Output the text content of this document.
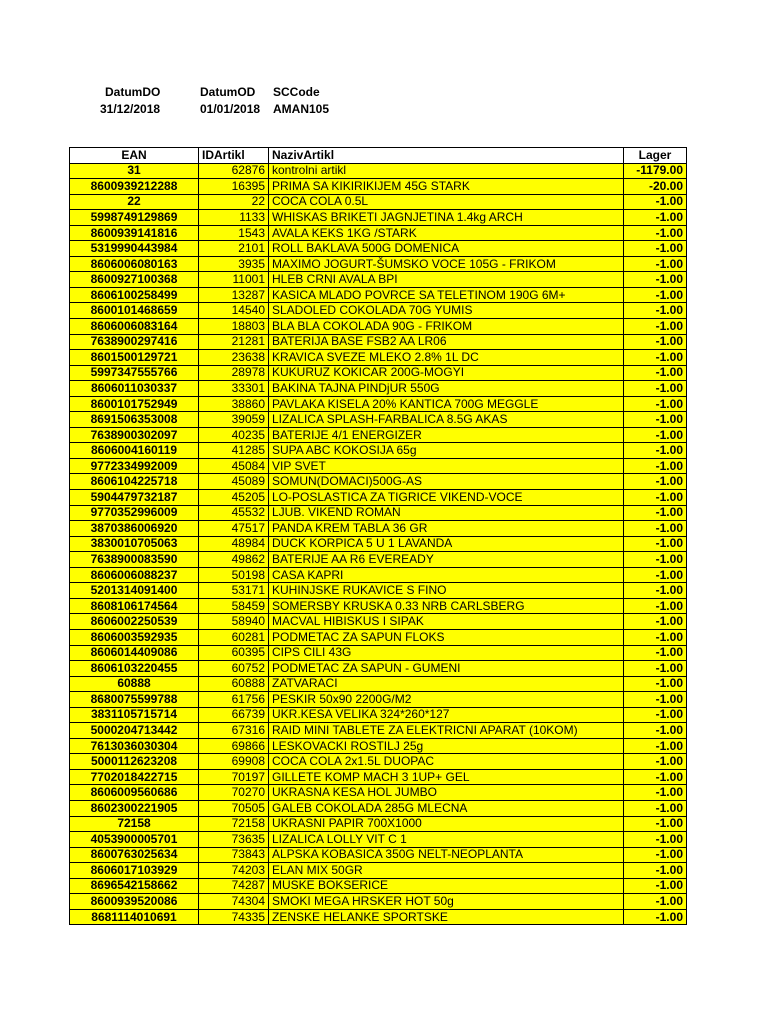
DatumDO	DatumOD SCCode
31/12/2018	01/01/2018 AMAN105
EAN	IDArtikl	NazivArtikl	Lager
31	62876	kontrolni artikl	-1179.00
8600939212288	16395	PRIMA SA KIKIRIKIJEM 45G STARK	-20.00
22	22	COCA COLA 0.5L	-1.00
5998749129869	1133	WHISKAS BRIKETI JAGNJETINA 1.4kg ARCH	-1.00
8600939141816	1543	AVALA KEKS 1KG /STARK	-1.00
5319990443984	2101	ROLL BAKLAVA 500G DOMENICA	-1.00
8606006080163	3935	MAXIMO JOGURT-ŠUMSKO VOCE 105G - FRIKOM	-1.00
8600927100368	11001	HLEB CRNI AVALA BPI	-1.00
8606100258499	13287	KASICA MLADO POVRCE SA TELETINOM 190G 6M+	-1.00
8600101468659	14540	SLADOLED COKOLADA 70G YUMIS	-1.00
8606006083164	18803	BLA BLA COKOLADA 90G - FRIKOM	-1.00
7638900297416	21281	BATERIJA BASE FSB2 AA LR06	-1.00
8601500129721	23638	KRAVICA SVEZE MLEKO 2.8% 1L DC	-1.00
5997347555766	28978	KUKURUZ KOKICAR 200G-MOGYI	-1.00
8606011030337	33301	BAKINA TAJNA PINDjUR 550G	-1.00
8600101752949	38860	PAVLAKA KISELA 20% KANTICA 700G MEGGLE	-1.00
8691506353008	39059	LIZALICA SPLASH-FARBALICA 8.5G AKAS	-1.00
7638900302097	40235	BATERIJE 4/1 ENERGIZER	-1.00
8606004160119	41285	SUPA ABC KOKOSIJA 65g	-1.00
9772334992009	45084	VIP SVET	-1.00
8606104225718	45089	SOMUN(DOMACI)500G-AS	-1.00
5904479732187	45205	LO-POSLASTICA ZA TIGRICE VIKEND-VOCE	-1.00
9770352996009	45532	LJUB. VIKEND ROMAN	-1.00
3870386006920	47517	PANDA KREM TABLA 36 GR	-1.00
3830010705063	48984	DUCK KORPICA 5 U 1 LAVANDA	-1.00
7638900083590	49862	BATERIJE AA R6 EVEREADY	-1.00
8606006088237	50198	CASA KAPRI	-1.00
5201314091400	53171	KUHINJSKE RUKAVICE S FINO	-1.00
8608106174564	58459	SOMERSBY KRUSKA 0.33 NRB CARLSBERG	-1.00
8606002250539	58940	MACVAL HIBISKUS I SIPAK	-1.00
8606003592935	60281	PODMETAC ZA SAPUN FLOKS	-1.00
8606014409086	60395	CIPS CILI 43G	-1.00
8606103220455	60752	PODMETAC ZA SAPUN - GUMENI	-1.00
60888	60888	ZATVARACI	-1.00
8680075599788	61756	PESKIR 50x90 2200G/M2	-1.00
3831105715714	66739	UKR.KESA VELIKA 324*260*127	-1.00
5000204713442	67316	RAID MINI TABLETE ZA ELEKTRICNI APARAT (10KOM)	-1.00
7613036030304	69866	LESKOVACKI ROSTILJ 25g	-1.00
5000112623208	69908	COCA COLA 2x1.5L DUOPAC	-1.00
7702018422715	70197	GILLETE KOMP MACH 3 1UP+ GEL	-1.00
8606009560686	70270	UKRASNA KESA HOL JUMBO	-1.00
8602300221905	70505	GALEB COKOLADA 285G MLECNA	-1.00
72158	72158	UKRASNI PAPIR 700X1000	-1.00
4053900005701	73635	LIZALICA LOLLY VIT C 1	-1.00
8600763025634	73843	ALPSKA KOBASICA 350G NELT-NEOPLANTA	-1.00
8606017103929	74203	ELAN MIX 50GR	-1.00
8696542158662	74287	MUSKE BOKSERICE	-1.00
8600939520086	74304	SMOKI MEGA HRSKER HOT 50g	-1.00
8681114010691	74335	ZENSKE HELANKE SPORTSKE	-1.00
